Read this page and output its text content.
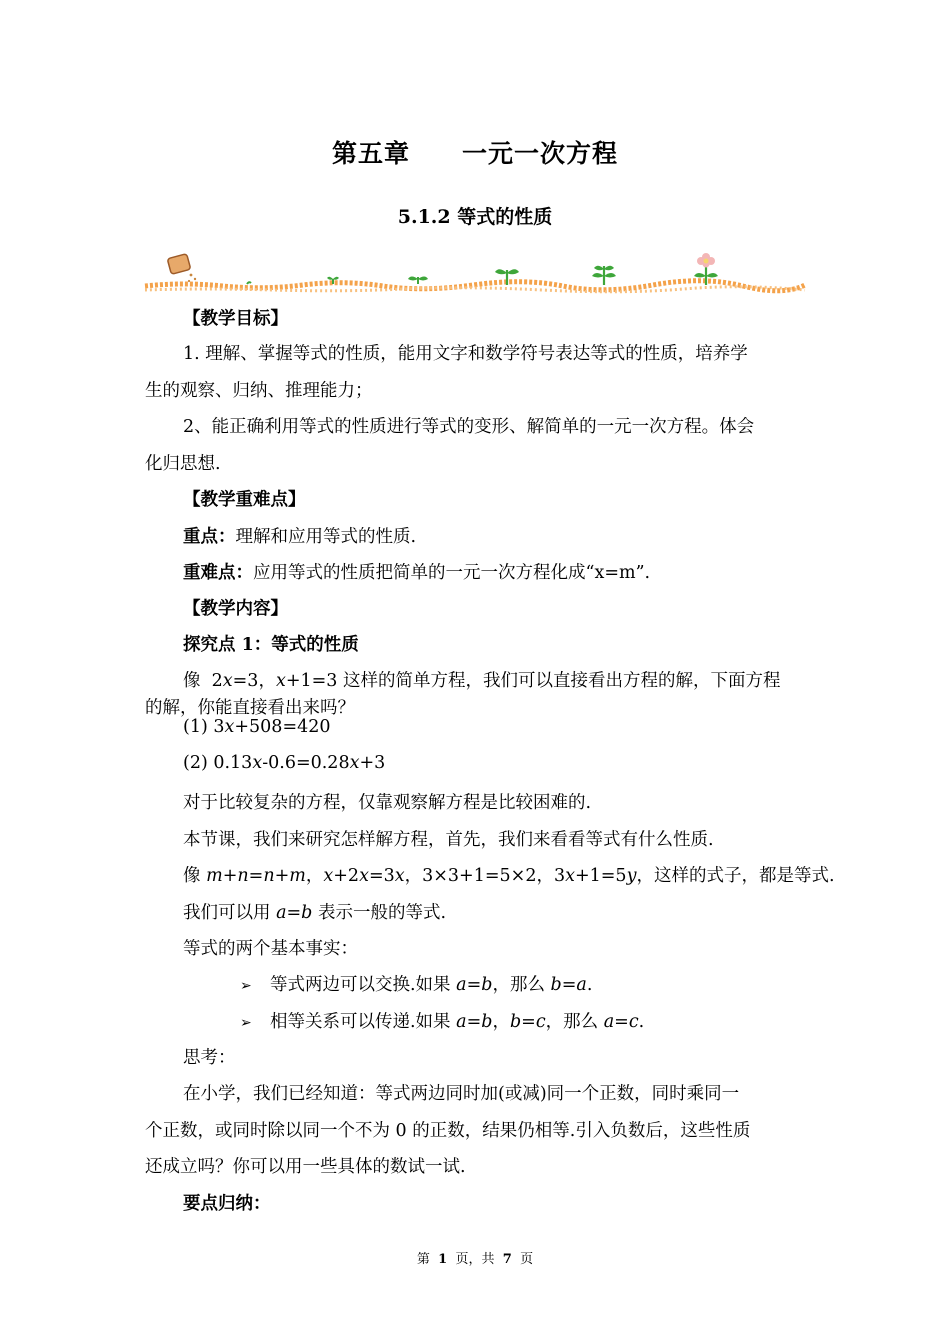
第五章 一元一次方程
5.1.2 等式的性质
【教学目标】
1. 理解、掌握等式的性质，能用文字和数学符号表达等式的性质，培养学
生的观察、归纳、推理能力；
2、能正确利用等式的性质进行等式的变形、解简单的一元一次方程。体会
化归思想.
【教学重难点】
重点：理解和应用等式的性质.
重难点：应用等式的性质把简单的一元一次方程化成“x=m”.
【教学内容】
探究点 1：等式的性质
像  2x=3，x+1=3 这样的简单方程，我们可以直接看出方程的解，下面方程
的解，你能直接看出来吗？
(1) 3x+508=420
(2) 0.13x-0.6=0.28x+3
对于比较复杂的方程，仅靠观察解方程是比较困难的.
本节课，我们来研究怎样解方程，首先，我们来看看等式有什么性质.
像 m+n=n+m，x+2x=3x，3×3+1=5×2，3x+1=5y，这样的式子，都是等式.
我们可以用 a=b 表示一般的等式.
等式的两个基本事实：
➢ 等式两边可以交换.如果 a=b，那么 b=a.
➢ 相等关系可以传递.如果 a=b，b=c，那么 a=c.
思考：
在小学，我们已经知道：等式两边同时加(或减)同一个正数，同时乘同一
个正数，或同时除以同一个不为 0 的正数，结果仍相等.引入负数后，这些性质
还成立吗？你可以用一些具体的数试一试.
要点归纳：
第 1 页，共 7 页
